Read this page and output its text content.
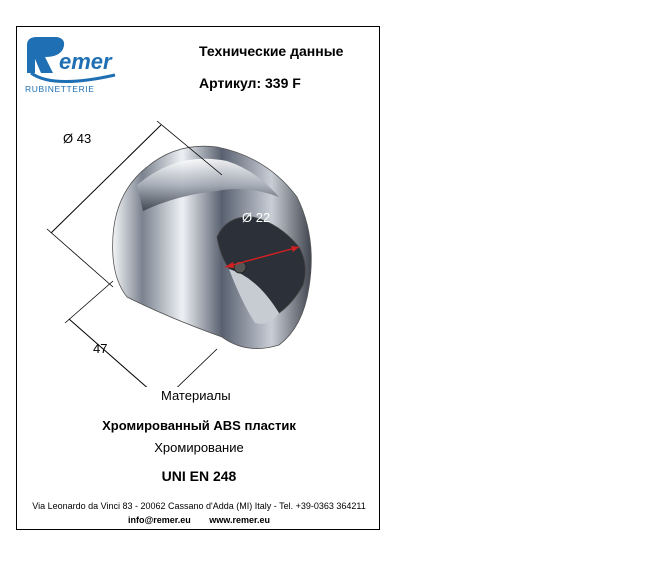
emer
RUBINETTERIE
Технические данные
Артикул: 339 F
Ø 43
Ø 22
47
Материалы
Хромированный ABS пластик
Хромирование
UNI EN 248
Via Leonardo da Vinci 83 - 20062 Cassano d'Adda (MI) Italy - Tel. +39-0363 364211
info@remer.eu www.remer.eu
